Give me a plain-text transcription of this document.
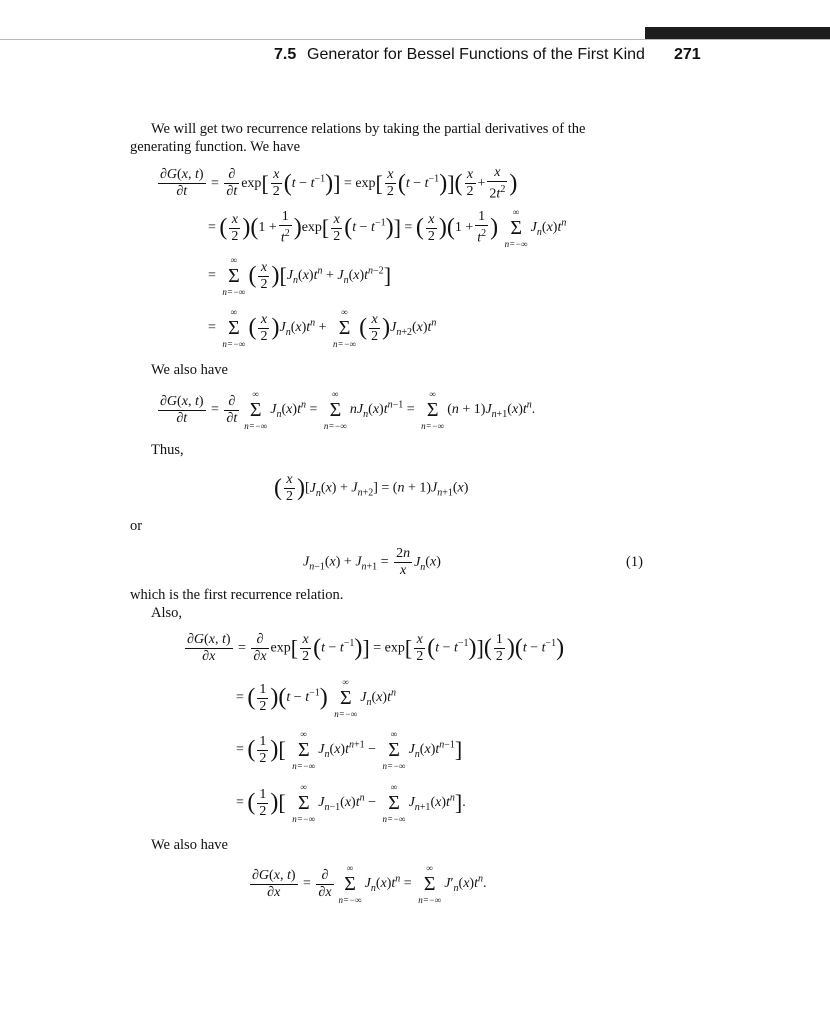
7.5 Generator for Bessel Functions of the First Kind 271
We will get two recurrence relations by taking the partial derivatives of the
generating function. We have
$\frac{\partial G(x, t)}{\partial t} = \frac{\partial}{\partial t} \exp[ \frac{x}{2} (t - t^{-1})] = \exp[ \frac{x}{2} (t - t^{-1})]( \frac{x}{2} + \frac{x}{2t^2}$ )
= ( $\frac{x}{2} )(1 + \frac{1}{t^2} )\exp[ \frac{x}{2} (t - t^{-1})]$ = ( $\frac{x}{2} )(1 + \frac{1}{t^2}$ )
∞
Σ
n=−∞
$J_n(x)t^n$
=
∞
Σ
n=−∞
( $\frac{x}{2} )[J_n(x)t^n + J_n(x)t^{n-2}]$
=
∞
Σ
n=−∞
( $\frac{x}{2} )J_n(x)t^n$ +
∞
Σ
n=−∞
( $\frac{x}{2} )J_{n+2}(x)t^n$
We also have
$\frac{\partial G(x, t)}{\partial t} = \frac{\partial}{\partial t}$	∞
Σ
n=−∞
$J_n(x)t^n$ =
∞
Σ
n=−∞
$nJ_n(x)t^{n-1}$ =
∞
Σ
n=−∞
$(n + 1)J_{n+1}(x)t^n$.
Thus,
( $\frac{x}{2} )[J_n(x) + J_{n+2}] = (n + 1)J_{n+1}(x)$
or
$J_{n-1}(x) + J_{n+1} = \frac{2n}{x} J_n(x)$	(1)
which is the first recurrence relation.
Also,
$\frac{\partial G(x, t)}{\partial x} = \frac{\partial}{\partial x} \exp[ \frac{x}{2} (t - t^{-1})] = \exp[ \frac{x}{2} (t - t^{-1})]( \frac{1}{2} )(t - t^{-1})$
= ( $\frac{1}{2} )(t - t^{-1})$
∞
Σ
n=−∞
$J_n(x)t^n$
= ( $\frac{1}{2}$ )[
∞
Σ
n=−∞
$J_n(x)t^{n+1}$ −
∞
Σ
n=−∞
$J_n(x)t^{n-1}$]
= ( $\frac{1}{2}$ )[
∞
Σ
n=−∞
$J_{n-1}(x)t^n$ −
∞
Σ
n=−∞
$J_{n+1}(x)t^n$].
We also have
$\frac{\partial G(x, t)}{\partial x} = \frac{\partial}{\partial x}$	∞
Σ
n=−∞
$J_n(x)t^n$ =
∞
Σ
n=−∞
$J'_n(x)t^n$.
